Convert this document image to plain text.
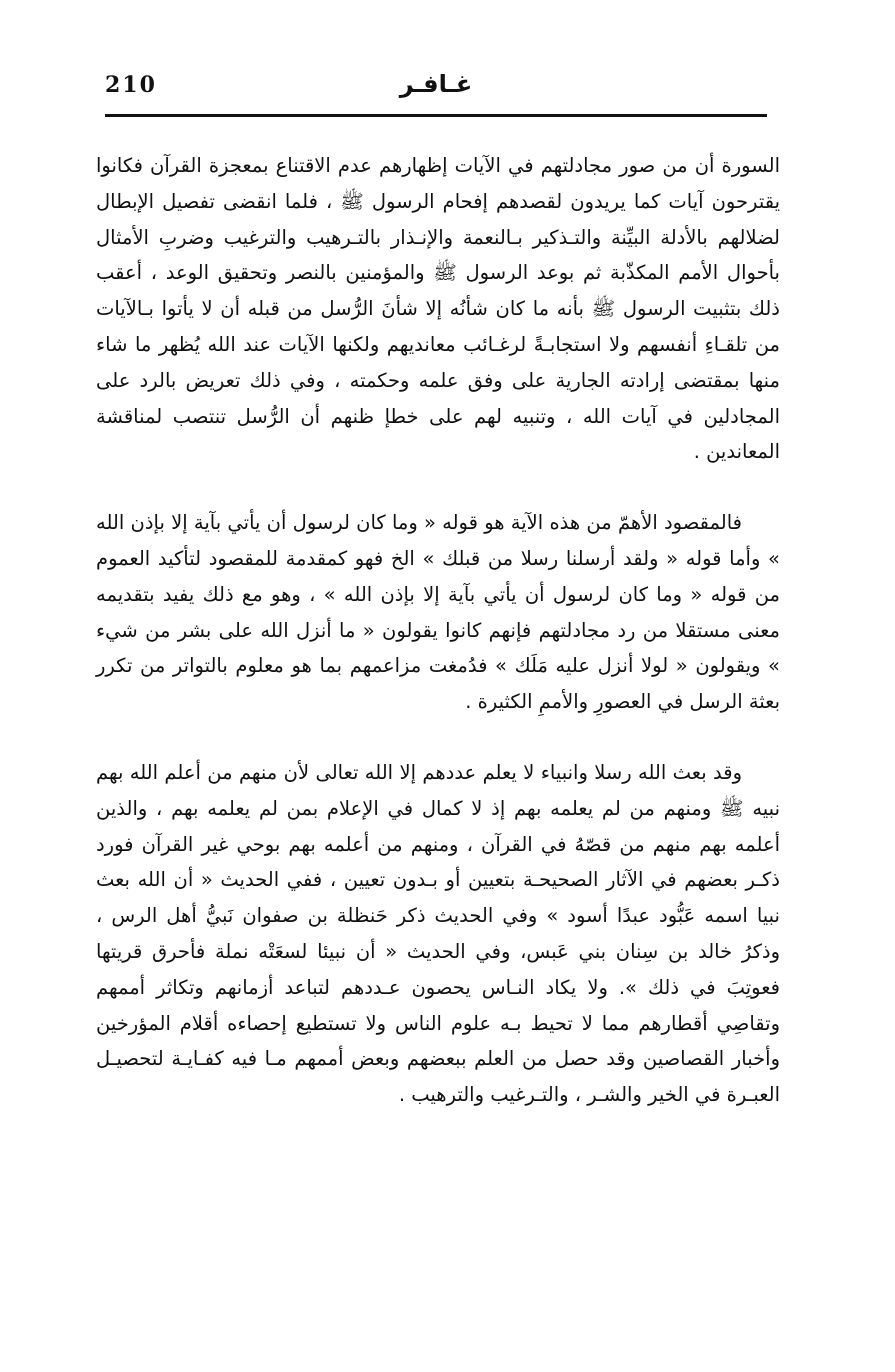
210	غـافـر

السورة أن من صور مجادلتهم في الآيات إظهارهم عدم الاقتناع بمعجزة القرآن فكانوا يقترحون آيات كما يريدون لقصدهم إفحام الرسول ﷺ ، فلما انقضى تفصيل الإبطال لضلالهم بالأدلة البيِّنة والتـذكير بـالنعمة والإنـذار بالتـرهيب والترغيب وضربِ الأمثال بأحوال الأمم المكذّبة ثم بوعد الرسول ﷺ والمؤمنين بالنصر وتحقيق الوعد ، أعقب ذلك بتثبيت الرسول ﷺ بأنه ما كان شأنُه إلا شأنَ الرُّسل من قبله أن لا يأتوا بـالآيات من تلقـاءِ أنفسهم ولا استجابـةً لرغـائب معانديهم ولكنها الآيات عند الله يُظهر ما شاء منها بمقتضى إرادته الجارية على وفق علمه وحكمته ، وفي ذلك تعريض بالرد على المجادلين في آيات الله ، وتنبيه لهم على خطإ ظنهم أن الرُّسل تنتصب لمناقشة المعاندين .

فالمقصود الأهمّ من هذه الآية هو قوله « وما كان لرسول أن يأتي بآية إلا بإذن الله » وأما قوله « ولقد أرسلنا رسلا من قبلك » الخ فهو كمقدمة للمقصود لتأكيد العموم من قوله « وما كان لرسول أن يأتي بآية إلا بإذن الله » ، وهو مع ذلك يفيد بتقديمه معنى مستقلا من رد مجادلتهم فإنهم كانوا يقولون « ما أنزل الله على بشر من شيء » ويقولون « لولا أنزل عليه مَلَك » فدُمغت مزاعمهم بما هو معلوم بالتواتر من تكرر بعثة الرسل في العصورِ والأممِ الكثيرة .

وقد بعث الله رسلا وانبياء لا يعلم عددهم إلا الله تعالى لأن منهم من أعلم الله بهم نبيه ﷺ ومنهم من لم يعلمه بهم إذ لا كمال في الإعلام بمن لم يعلمه بهم ، والذين أعلمه بهم منهم من قصّهُ في القرآن ، ومنهم من أعلمه بهم بوحي غير القرآن فورد ذكـر بعضهم في الآثار الصحيحـة بتعيين أو بـدون تعيين ، ففي الحديث « أن الله بعث نبيا اسمه عَبُّود عبدًا أسود » وفي الحديث ذكر حَنظلة بن صفوان نَبيُّ أهل الرس ، وذكرُ خالد بن سِنان بني عَبس، وفي الحديث « أن نبيئا لسعَتْه نملة فأحرق قريتها فعوتِبَ في ذلك ». ولا يكاد النـاس يحصون عـددهم لتباعد أزمانهم وتكاثر أممهم وتقاصِي أقطارهم مما لا تحيط بـه علوم الناس ولا تستطيع إحصاءه أقلام المؤرخين وأخبار القصاصين وقد حصل من العلم ببعضهم وبعض أممهم مـا فيه كفـايـة لتحصيـل العبـرة في الخير والشـر ، والتـرغيب والترهيب .
